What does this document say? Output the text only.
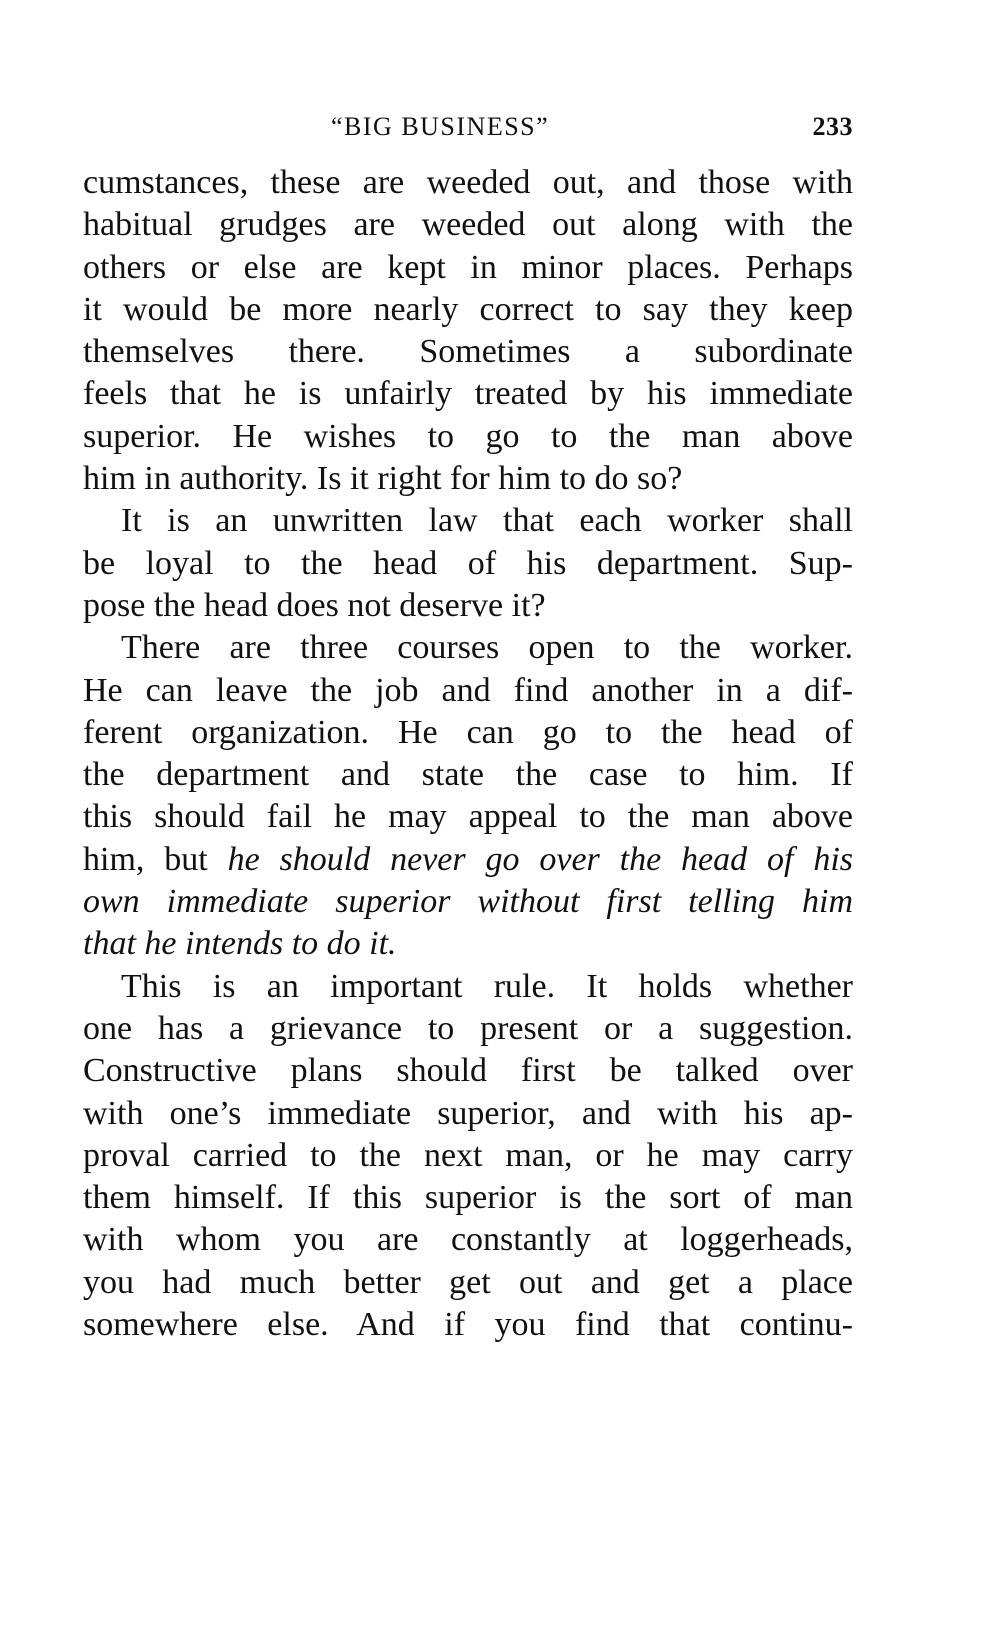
“BIG BUSINESS”	233
cumstances, these are weeded out, and those with
habitual grudges are weeded out along with the
others or else are kept in minor places. Perhaps
it would be more nearly correct to say they keep
themselves there. Sometimes a subordinate
feels that he is unfairly treated by his immediate
superior. He wishes to go to the man above
him in authority. Is it right for him to do so?
It is an unwritten law that each worker shall
be loyal to the head of his department. Sup-
pose the head does not deserve it?
There are three courses open to the worker.
He can leave the job and find another in a dif-
ferent organization. He can go to the head of
the department and state the case to him. If
this should fail he may appeal to the man above
him, but he should never go over the head of his
own immediate superior without first telling him
that he intends to do it.
This is an important rule. It holds whether
one has a grievance to present or a suggestion.
Constructive plans should first be talked over
with one’s immediate superior, and with his ap-
proval carried to the next man, or he may carry
them himself. If this superior is the sort of man
with whom you are constantly at loggerheads,
you had much better get out and get a place
somewhere else. And if you find that continu-
